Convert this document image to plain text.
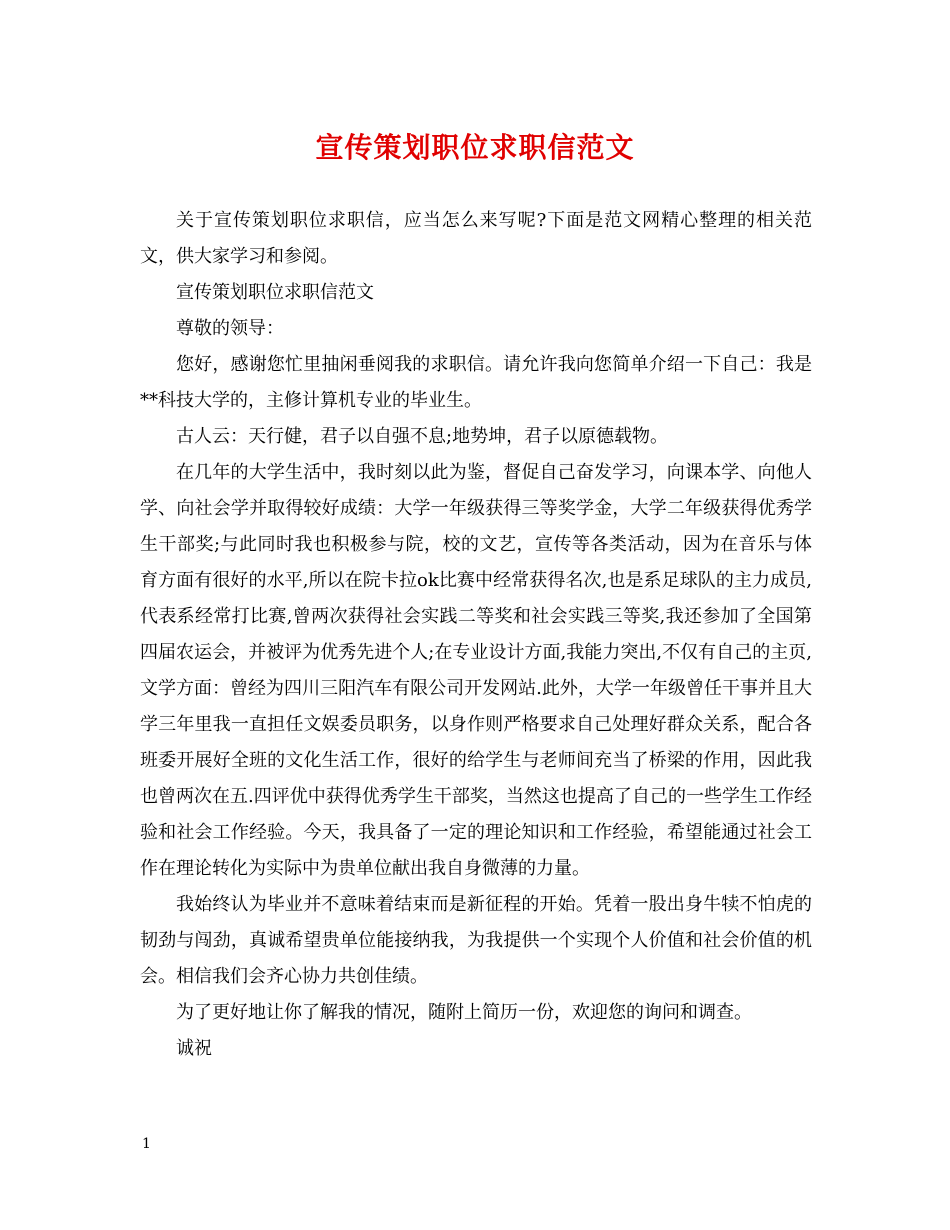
宣传策划职位求职信范文

关于宣传策划职位求职信，应当怎么来写呢?下面是范文网精心整理的相关范文，供大家学习和参阅。

宣传策划职位求职信范文

尊敬的领导：

您好，感谢您忙里抽闲垂阅我的求职信。请允许我向您简单介绍一下自己：我是**科技大学的，主修计算机专业的毕业生。

古人云：天行健，君子以自强不息;地势坤，君子以原德载物。

在几年的大学生活中，我时刻以此为鉴，督促自己奋发学习，向课本学、向他人学、向社会学并取得较好成绩：大学一年级获得三等奖学金，大学二年级获得优秀学生干部奖;与此同时我也积极参与院，校的文艺，宣传等各类活动，因为在音乐与体育方面有很好的水平,所以在院卡拉ok比赛中经常获得名次,也是系足球队的主力成员,代表系经常打比赛,曾两次获得社会实践二等奖和社会实践三等奖,我还参加了全国第四届农运会，并被评为优秀先进个人;在专业设计方面,我能力突出,不仅有自己的主页,文学方面：曾经为四川三阳汽车有限公司开发网站.此外，大学一年级曾任干事并且大学三年里我一直担任文娱委员职务，以身作则严格要求自己处理好群众关系，配合各班委开展好全班的文化生活工作，很好的给学生与老师间充当了桥梁的作用，因此我也曾两次在五.四评优中获得优秀学生干部奖，当然这也提高了自己的一些学生工作经验和社会工作经验。今天，我具备了一定的理论知识和工作经验，希望能通过社会工作在理论转化为实际中为贵单位献出我自身微薄的力量。

我始终认为毕业并不意味着结束而是新征程的开始。凭着一股出身牛犊不怕虎的韧劲与闯劲，真诚希望贵单位能接纳我，为我提供一个实现个人价值和社会价值的机会。相信我们会齐心协力共创佳绩。

为了更好地让你了解我的情况，随附上简历一份，欢迎您的询问和调查。

诚祝

1
